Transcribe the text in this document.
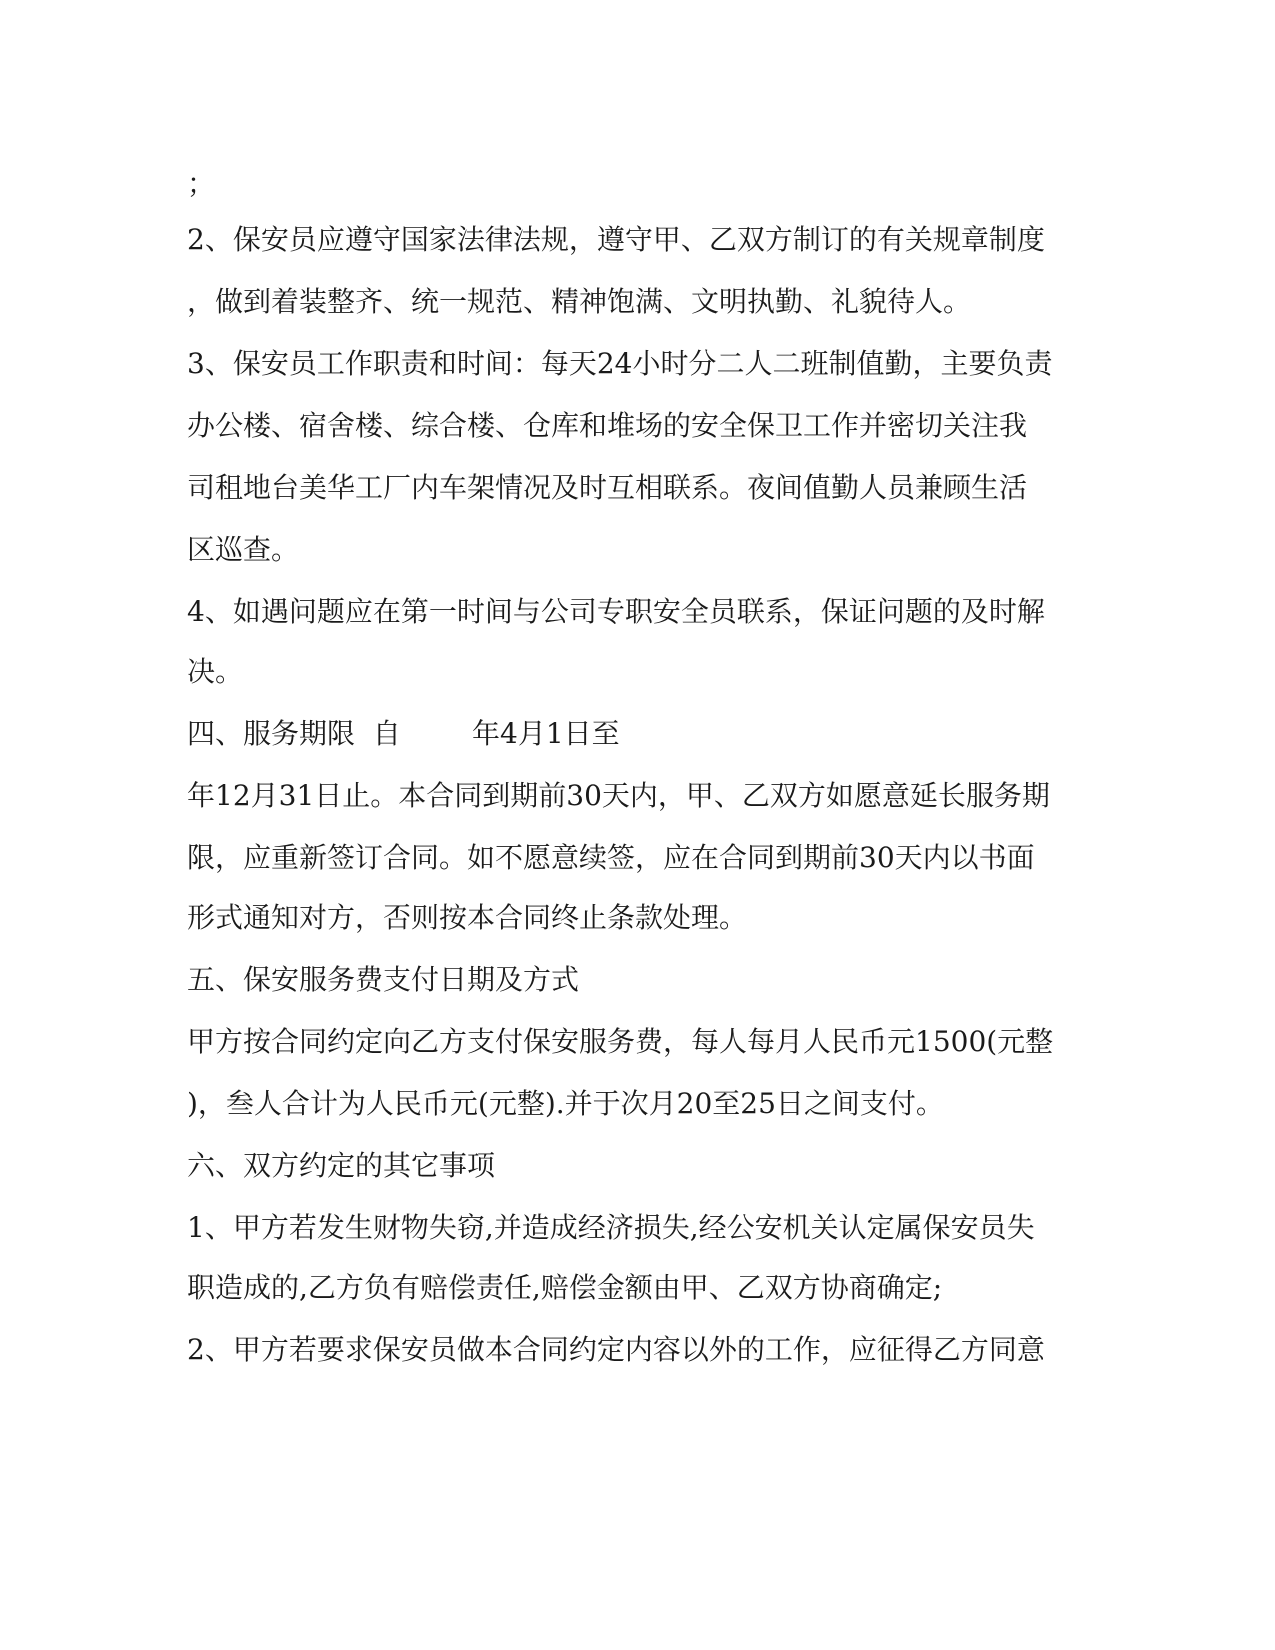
；

2、保安员应遵守国家法律法规，遵守甲、乙双方制订的有关规章制度

，做到着装整齐、统一规范、精神饱满、文明执勤、礼貌待人。

3、保安员工作职责和时间：每天24小时分二人二班制值勤，主要负责

办公楼、宿舍楼、综合楼、仓库和堆场的安全保卫工作并密切关注我

司租地台美华工厂内车架情况及时互相联系。夜间值勤人员兼顾生活

区巡查。

4、如遇问题应在第一时间与公司专职安全员联系，保证问题的及时解

决。

四、服务期限  自        年4月1日至

年12月31日止。本合同到期前30天内，甲、乙双方如愿意延长服务期

限，应重新签订合同。如不愿意续签，应在合同到期前30天内以书面

形式通知对方，否则按本合同终止条款处理。

五、保安服务费支付日期及方式

甲方按合同约定向乙方支付保安服务费，每人每月人民币元1500(元整

)，叁人合计为人民币元(元整).并于次月20至25日之间支付。

六、双方约定的其它事项

1、甲方若发生财物失窃,并造成经济损失,经公安机关认定属保安员失

职造成的,乙方负有赔偿责任,赔偿金额由甲、乙双方协商确定;

2、甲方若要求保安员做本合同约定内容以外的工作，应征得乙方同意
